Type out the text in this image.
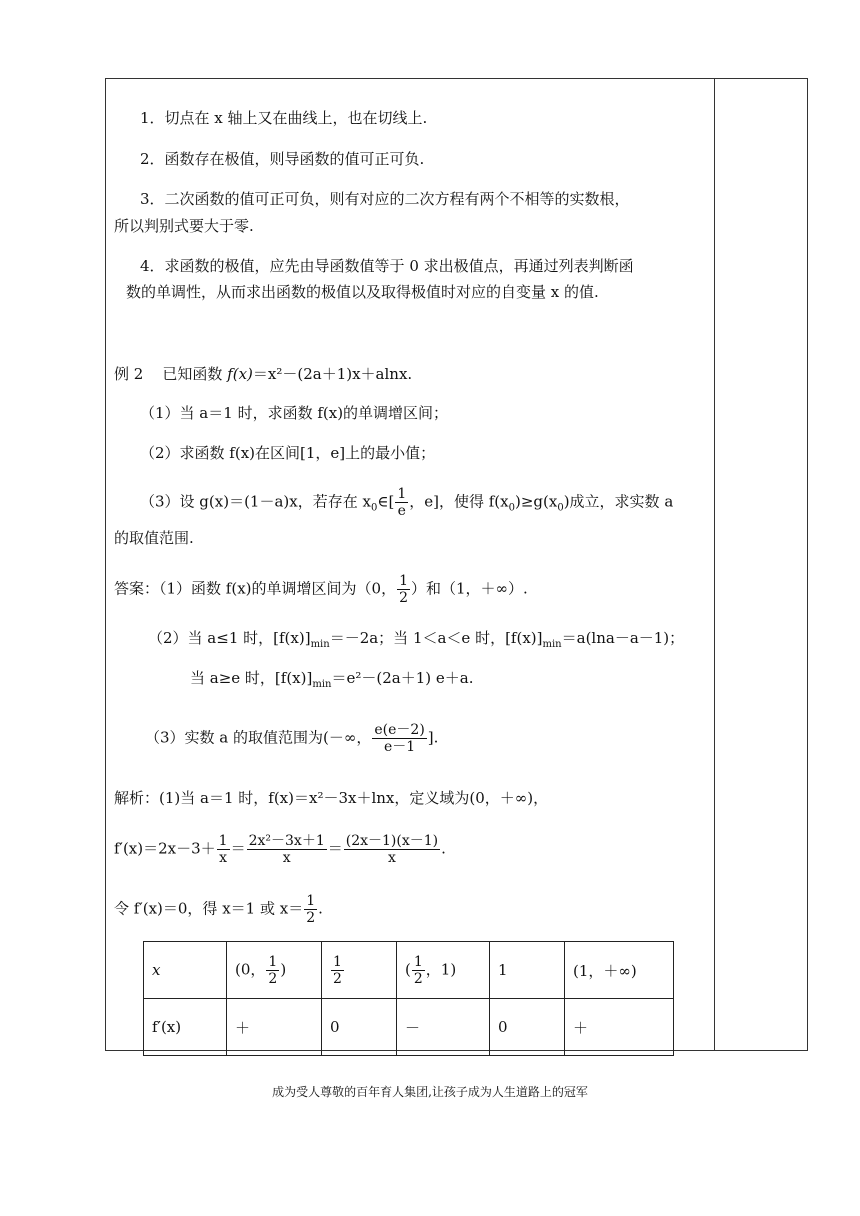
1．切点在 x 轴上又在曲线上，也在切线上.
2．函数存在极值，则导函数的值可正可负.
3．二次函数的值可正可负，则有对应的二次方程有两个不相等的实数根，
所以判别式要大于零.
4．求函数的极值，应先由导函数值等于 0 求出极值点，再通过列表判断函
数的单调性，从而求出函数的极值以及取得极值时对应的自变量 x 的值.
例 2 已知函数 f(x)＝x²－(2a＋1)x＋alnx.
（1）当 a＝1 时，求函数 f(x)的单调增区间；
（2）求函数 f(x)在区间[1，e]上的最小值；
（3）设 g(x)＝(1－a)x，若存在 $x_0\in[ \frac{1}{e}$ ，e]，使得 $f(x_0)\ge g(x_0)$成立，求实数 a
的取值范围.
答案：（1）函数 f(x)的单调增区间为（0， $\frac{1}{2}$ ）和（1，＋∞）.
（2）当 a≤1 时，$[f(x)]_{min}=-2a$；当 1＜a＜e 时，$[f(x)]_{min}=a(\ln a-a-1)$；
当 a≥e 时，$[f(x)]_{min}=e^2-(2a+1)$ e＋a.
（3）实数 a 的取值范围为(－∞， $\frac{e(e-2)}{e-1}$ ].
解析：(1)当 a＝1 时，f(x)＝x²－3x＋lnx，定义域为(0，＋∞)，
$f'(x)=2x-3+ \frac{1}{x} = \frac{\text{2x²－3x＋1}}{x} = \frac{(2x-1)(x-1)}{x}$ .
令 f′(x)＝0，得 x＝1 或 $x= \frac{1}{2}$ .
x	(0， $\frac{1}{2}$ )	$\frac{1}{2}$	( $\frac{1}{2}$ ，1)	1	(1，＋∞)
f′(x)	＋	0	－	0	＋
成为受人尊敬的百年育人集团,让孩子成为人生道路上的冠军
